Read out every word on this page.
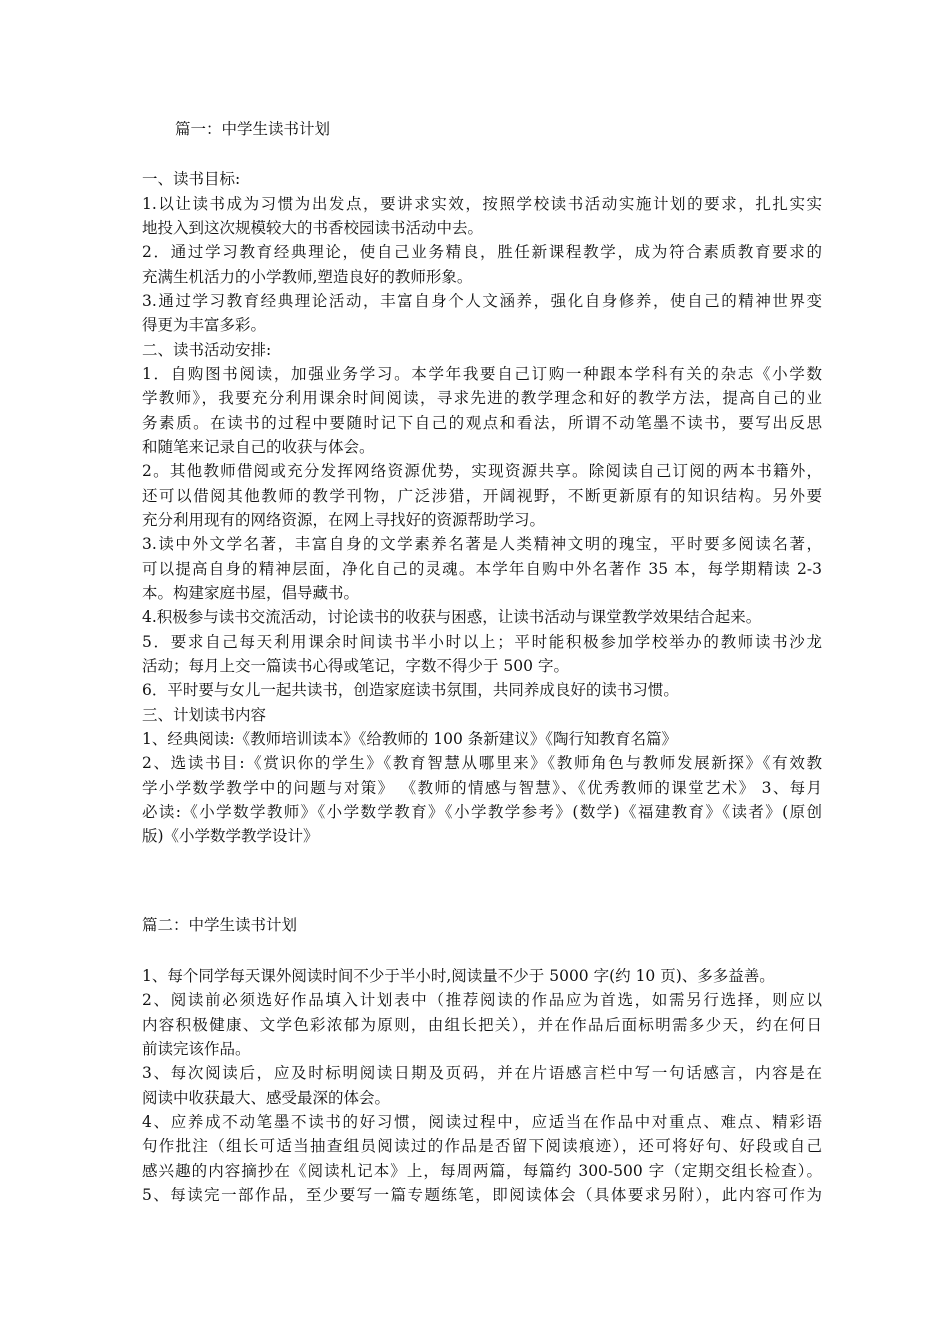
篇一：中学生读书计划
一、读书目标:
1.以让读书成为习惯为出发点，要讲求实效，按照学校读书活动实施计划的要求，扎扎实实
地投入到这次规模较大的书香校园读书活动中去。
2．通过学习教育经典理论，使自己业务精良，胜任新课程教学，成为符合素质教育要求的
充满生机活力的小学教师,塑造良好的教师形象。
3.通过学习教育经典理论活动，丰富自身个人文涵养，强化自身修养，使自己的精神世界变
得更为丰富多彩。
二、读书活动安排:
1．自购图书阅读，加强业务学习。本学年我要自己订购一种跟本学科有关的杂志《小学数
学教师》，我要充分利用课余时间阅读，寻求先进的教学理念和好的教学方法，提高自己的业
务素质。在读书的过程中要随时记下自己的观点和看法，所谓不动笔墨不读书，要写出反思
和随笔来记录自己的收获与体会。
2。其他教师借阅或充分发挥网络资源优势，实现资源共享。除阅读自己订阅的两本书籍外，
还可以借阅其他教师的教学刊物，广泛涉猎，开阔视野，不断更新原有的知识结构。另外要
充分利用现有的网络资源，在网上寻找好的资源帮助学习。
3.读中外文学名著，丰富自身的文学素养名著是人类精神文明的瑰宝，平时要多阅读名著，
可以提高自身的精神层面，净化自己的灵魂。本学年自购中外名著作 35 本，每学期精读 2-3
本。构建家庭书屋，倡导藏书。
4.积极参与读书交流活动，讨论读书的收获与困惑，让读书活动与课堂教学效果结合起来。
5．要求自己每天利用课余时间读书半小时以上；平时能积极参加学校举办的教师读书沙龙
活动；每月上交一篇读书心得或笔记，字数不得少于 500 字。
6．平时要与女儿一起共读书，创造家庭读书氛围，共同养成良好的读书习惯。
三、计划读书内容
1、经典阅读:《教师培训读本》《给教师的 100 条新建议》《陶行知教育名篇》
2、选读书目:《赏识你的学生》《教育智慧从哪里来》《教师角色与教师发展新探》《有效教
学小学数学教学中的问题与对策》 《教师的情感与智慧》、《优秀教师的课堂艺术》 3、每月
必读:《小学数学教师》《小学数学教育》《小学教学参考》(数学)《福建教育》《读者》(原创
版)《小学数学教学设计》
篇二：中学生读书计划
1、每个同学每天课外阅读时间不少于半小时,阅读量不少于 5000 字(约 10 页)、多多益善。
2、阅读前必须选好作品填入计划表中（推荐阅读的作品应为首选，如需另行选择，则应以
内容积极健康、文学色彩浓郁为原则，由组长把关），并在作品后面标明需多少天，约在何日
前读完该作品。
3、每次阅读后，应及时标明阅读日期及页码，并在片语感言栏中写一句话感言，内容是在
阅读中收获最大、感受最深的体会。
4、应养成不动笔墨不读书的好习惯，阅读过程中，应适当在作品中对重点、难点、精彩语
句作批注（组长可适当抽查组员阅读过的作品是否留下阅读痕迹），还可将好句、好段或自己
感兴趣的内容摘抄在《阅读札记本》上，每周两篇，每篇约 300-500 字（定期交组长检查）。
5、每读完一部作品，至少要写一篇专题练笔，即阅读体会（具体要求另附），此内容可作为
